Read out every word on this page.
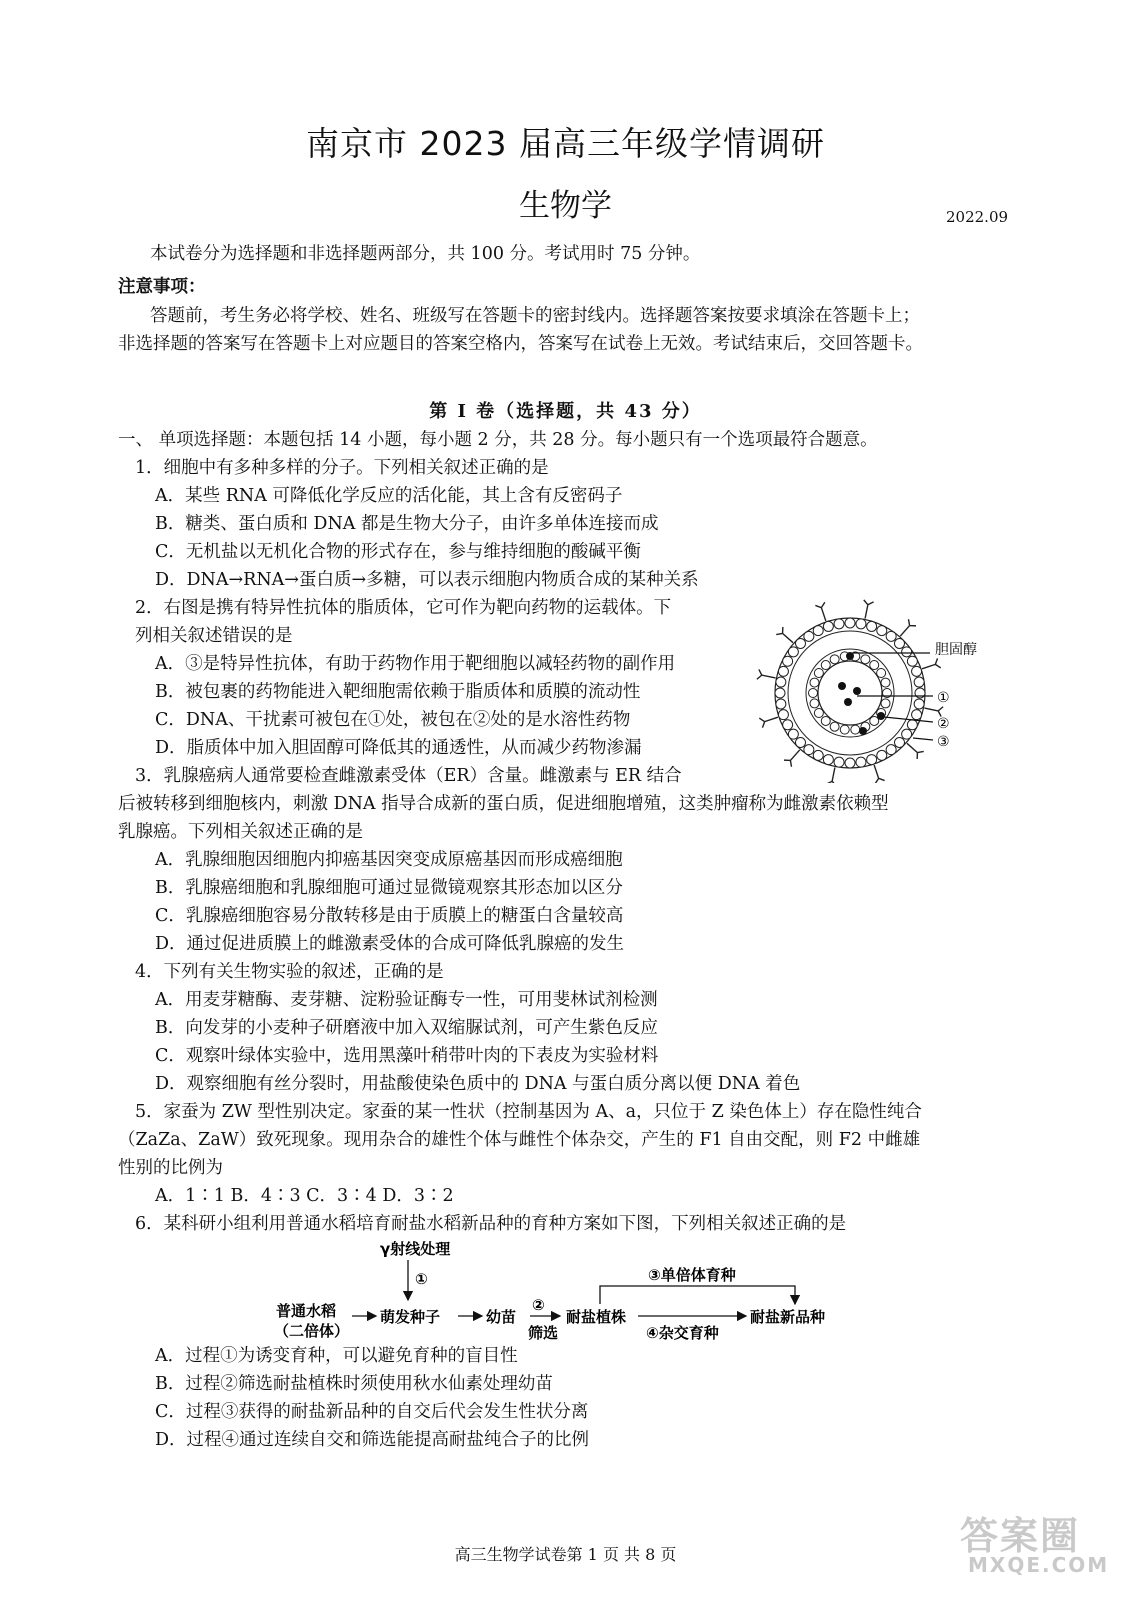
南京市 2023 届高三年级学情调研
生物学	2022.09
本试卷分为选择题和非选择题两部分，共 100 分。考试用时 75 分钟。
注意事项：
答题前，考生务必将学校、姓名、班级写在答题卡的密封线内。选择题答案按要求填涂在答题卡上；
非选择题的答案写在答题卡上对应题目的答案空格内，答案写在试卷上无效。考试结束后，交回答题卡。
第 I 卷（选择题，共 43 分）
一、 单项选择题：本题包括 14 小题，每小题 2 分，共 28 分。每小题只有一个选项最符合题意。
1．细胞中有多种多样的分子。下列相关叙述正确的是
A．某些 RNA 可降低化学反应的活化能，其上含有反密码子
B．糖类、蛋白质和 DNA 都是生物大分子，由许多单体连接而成
C．无机盐以无机化合物的形式存在，参与维持细胞的酸碱平衡
D．DNA→RNA→蛋白质→多糖，可以表示细胞内物质合成的某种关系
2．右图是携有特异性抗体的脂质体，它可作为靶向药物的运载体。下
列相关叙述错误的是
A．③是特异性抗体，有助于药物作用于靶细胞以减轻药物的副作用
B．被包裹的药物能进入靶细胞需依赖于脂质体和质膜的流动性
C．DNA、干扰素可被包在①处，被包在②处的是水溶性药物
D．脂质体中加入胆固醇可降低其的通透性，从而减少药物渗漏
胆固醇
①
②
③
3．乳腺癌病人通常要检查雌激素受体（ER）含量。雌激素与 ER 结合
后被转移到细胞核内，刺激 DNA 指导合成新的蛋白质，促进细胞增殖，这类肿瘤称为雌激素依赖型
乳腺癌。下列相关叙述正确的是
A．乳腺细胞因细胞内抑癌基因突变成原癌基因而形成癌细胞
B．乳腺癌细胞和乳腺细胞可通过显微镜观察其形态加以区分
C．乳腺癌细胞容易分散转移是由于质膜上的糖蛋白含量较高
D．通过促进质膜上的雌激素受体的合成可降低乳腺癌的发生
4．下列有关生物实验的叙述，正确的是
A．用麦芽糖酶、麦芽糖、淀粉验证酶专一性，可用斐林试剂检测
B．向发芽的小麦种子研磨液中加入双缩脲试剂，可产生紫色反应
C．观察叶绿体实验中，选用黑藻叶稍带叶肉的下表皮为实验材料
D．观察细胞有丝分裂时，用盐酸使染色质中的 DNA 与蛋白质分离以便 DNA 着色
5．家蚕为 ZW 型性别决定。家蚕的某一性状（控制基因为 A、a，只位于 Z 染色体上）存在隐性纯合
（ZaZa、ZaW）致死现象。现用杂合的雄性个体与雌性个体杂交，产生的 F1 自由交配，则 F2 中雌雄
性别的比例为
A．1∶1 B．4∶3 C．3∶4 D．3∶2
6．某科研小组利用普通水稻培育耐盐水稻新品种的育种方案如下图，下列相关叙述正确的是
γ射线处理
①
普通水稻
（二倍体）
萌发种子	幼苗
②
筛选
耐盐植株
③单倍体育种
④杂交育种
耐盐新品种
A．过程①为诱变育种，可以避免育种的盲目性
B．过程②筛选耐盐植株时须使用秋水仙素处理幼苗
C．过程③获得的耐盐新品种的自交后代会发生性状分离
D．过程④通过连续自交和筛选能提高耐盐纯合子的比例
高三生物学试卷第 1 页 共 8 页	答案圈
MXQE.COM
